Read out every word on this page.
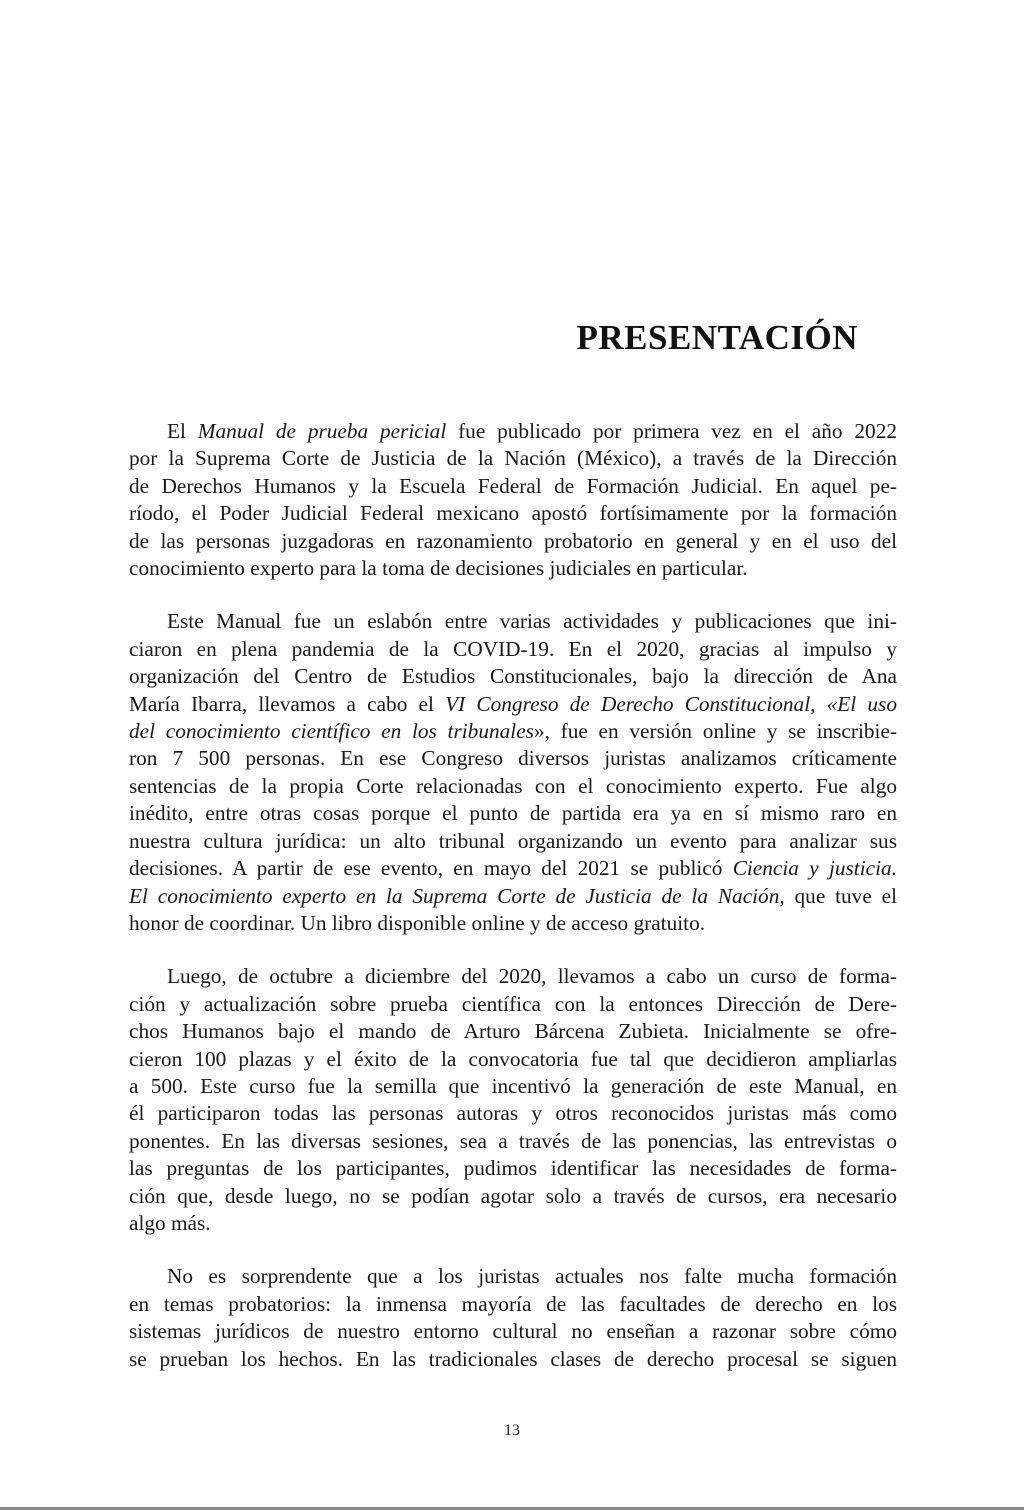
PRESENTACIÓN

El Manual de prueba pericial fue publicado por primera vez en el año 2022
por la Suprema Corte de Justicia de la Nación (México), a través de la Dirección
de Derechos Humanos y la Escuela Federal de Formación Judicial. En aquel pe-
ríodo, el Poder Judicial Federal mexicano apostó fortísimamente por la formación
de las personas juzgadoras en razonamiento probatorio en general y en el uso del
conocimiento experto para la toma de decisiones judiciales en particular.

Este Manual fue un eslabón entre varias actividades y publicaciones que ini-
ciaron en plena pandemia de la COVID-19. En el 2020, gracias al impulso y
organización del Centro de Estudios Constitucionales, bajo la dirección de Ana
María Ibarra, llevamos a cabo el VI Congreso de Derecho Constitucional, «El uso
del conocimiento científico en los tribunales», fue en versión online y se inscribie-
ron 7 500 personas. En ese Congreso diversos juristas analizamos críticamente
sentencias de la propia Corte relacionadas con el conocimiento experto. Fue algo
inédito, entre otras cosas porque el punto de partida era ya en sí mismo raro en
nuestra cultura jurídica: un alto tribunal organizando un evento para analizar sus
decisiones. A partir de ese evento, en mayo del 2021 se publicó Ciencia y justicia.
El conocimiento experto en la Suprema Corte de Justicia de la Nación, que tuve el
honor de coordinar. Un libro disponible online y de acceso gratuito.

Luego, de octubre a diciembre del 2020, llevamos a cabo un curso de forma-
ción y actualización sobre prueba científica con la entonces Dirección de Dere-
chos Humanos bajo el mando de Arturo Bárcena Zubieta. Inicialmente se ofre-
cieron 100 plazas y el éxito de la convocatoria fue tal que decidieron ampliarlas
a 500. Este curso fue la semilla que incentivó la generación de este Manual, en
él participaron todas las personas autoras y otros reconocidos juristas más como
ponentes. En las diversas sesiones, sea a través de las ponencias, las entrevistas o
las preguntas de los participantes, pudimos identificar las necesidades de forma-
ción que, desde luego, no se podían agotar solo a través de cursos, era necesario
algo más.

No es sorprendente que a los juristas actuales nos falte mucha formación
en temas probatorios: la inmensa mayoría de las facultades de derecho en los
sistemas jurídicos de nuestro entorno cultural no enseñan a razonar sobre cómo
se prueban los hechos. En las tradicionales clases de derecho procesal se siguen

13
